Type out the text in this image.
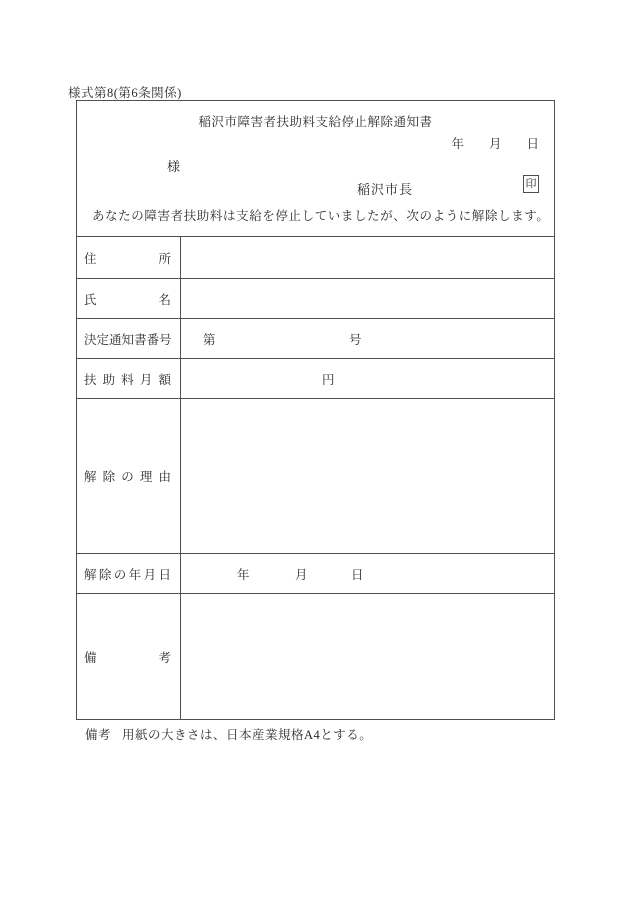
様式第8(第6条関係)
稲沢市障害者扶助料支給停止解除通知書
年 月 日
様
稲沢市長	印
あなたの障害者扶助料は支給を停止していましたが、次のように解除します。
住	所
氏	名
決 定 通 知 書 番 号	第	号
扶 助 料 月 額	円
解 除 の 理 由
解 除 の 年 月 日	年	月	日
備	考
備考 用紙の大きさは、日本産業規格A4とする。
